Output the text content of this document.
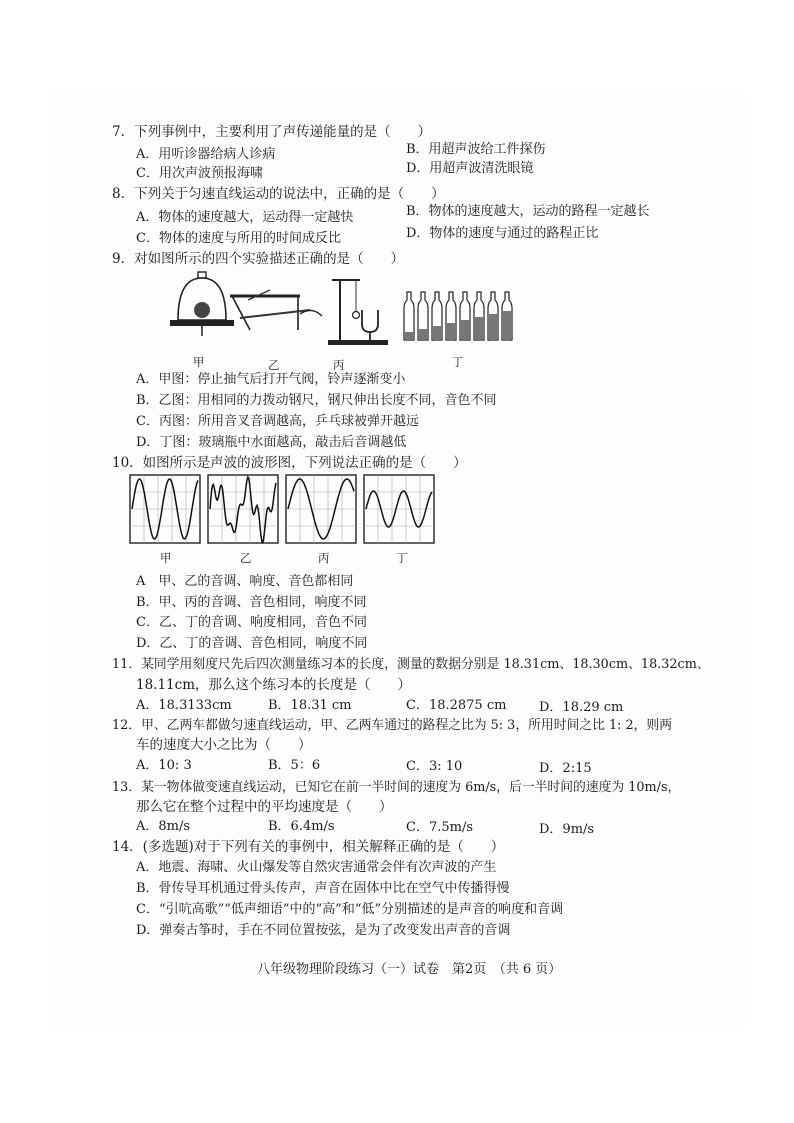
7．下列事例中，主要利用了声传递能量的是（　　）
A．用听诊器给病人诊病	B．用超声波给工件探伤
C．用次声波预报海啸	D．用超声波清洗眼镜
8．下列关于匀速直线运动的说法中，正确的是（　　）
A．物体的速度越大，运动得一定越快	B．物体的速度越大，运动的路程一定越长
C．物体的速度与所用的时间成反比	D．物体的速度与通过的路程正比
9．对如图所示的四个实验描述正确的是（　　）
甲	乙	丙	丁
A．甲图：停止抽气后打开气阀，铃声逐渐变小
B．乙图：用相同的力拨动钢尺，钢尺伸出长度不同，音色不同
C．丙图：所用音叉音调越高，乒乓球被弹开越远
D．丁图：玻璃瓶中水面越高，敲击后音调越低
10．如图所示是声波的波形图，下列说法正确的是（　　）
甲	乙	丙	丁
A　甲、乙的音调、响度、音色都相同
B．甲、丙的音调、音色相同，响度不同
C．乙、丁的音调、响度相同，音色不同
D．乙、丁的音调、音色相同，响度不同
11．某同学用刻度尺先后四次测量练习本的长度，测量的数据分别是 18.31cm、18.30cm、18.32cm、
18.11cm，那么这个练习本的长度是（　　）
A．18.3133cm	B．18.31 cm	C．18.2875 cm	D．18.29 cm
12．甲、乙两车都做匀速直线运动，甲、乙两车通过的路程之比为 5: 3，所用时间之比 1: 2，则两
车的速度大小之比为（　　）
A．10: 3	B．5：6	C．3: 10	D．2:15
13．某一物体做变速直线运动，已知它在前一半时间的速度为 6m/s，后一半时间的速度为 10m/s，
那么它在整个过程中的平均速度是（　　）
A．8m/s	B．6.4m/s	C．7.5m/s	D．9m/s
14．(多选题)对于下列有关的事例中，相关解释正确的是（　　）
A．地震、海啸、火山爆发等自然灾害通常会伴有次声波的产生
B．骨传导耳机通过骨头传声，声音在固体中比在空气中传播得慢
C．“引吭高歌”“低声细语”中的“高”和“低”分别描述的是声音的响度和音调
D．弹奏古筝时，手在不同位置按弦，是为了改变发出声音的音调
八年级物理阶段练习（一）试卷　第2页　（共 6 页）
